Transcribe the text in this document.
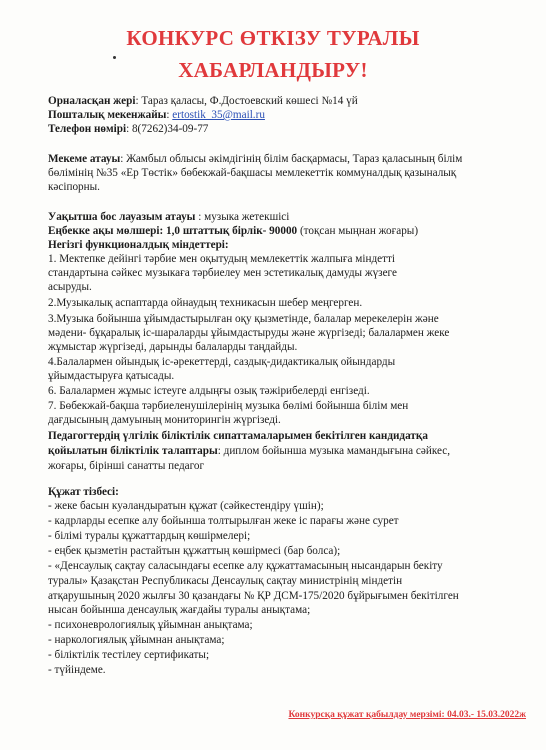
КОНКУРС ӨТКІЗУ ТУРАЛЫ
ХАБАРЛАНДЫРУ!
Орналасқан жері: Тараз қаласы, Ф.Достоевский көшесі №14 үй
Пошталық мекенжайы: ertostik_35@mail.ru
Телефон нөмірі: 8(7262)34-09-77
Мекеме атауы: Жамбыл облысы әкімдігінің білім басқармасы, Тараз қаласының білім
бөлімінің №35 «Ер Төстік» бөбекжай-бақшасы мемлекеттік коммуналдық қазыналық
кәсіпорны.
Уақытша бос лауазым атауы : музыка жетекшісі
Еңбекке ақы мөлшері: 1,0 штаттық бірлік- 90000 (тоқсан мыңнан жоғары)
Негізгі функционалдық міндеттері:
1. Мектепке дейінгі тәрбие мен оқытудың мемлекеттік жалпыға міндетті
стандартына сәйкес музыкаға тәрбиелеу мен эстетикалық дамуды жүзеге
асыруды.
2.Музыкалық аспаптарда ойнаудың техникасын шебер меңгерген.
3.Музыка бойынша ұйымдастырылған оқу қызметінде, балалар мерекелерін және
мәдени- бұқаралық іс-шараларды ұйымдастыруды және жүргізеді; балалармен жеке
жұмыстар жүргізеді, дарынды балаларды таңдайды.
4.Балалармен ойындық іс-әрекеттерді, саздық-дидактикалық ойындарды
ұйымдастыруға қатысады.
6. Балалармен жұмыс істеуге алдыңғы озық тәжірибелерді енгізеді.
7. Бөбекжай-бақша тәрбиеленушілерінің музыка бөлімі бойынша білім мен
дағдысының дамуының мониторингін жүргізеді.
Педагогтердің үлгілік біліктілік сипаттамаларымен бекітілген кандидатқа
қойылатын біліктілік талаптары: диплом бойынша музыка мамандығына сәйкес,
жоғары, бірінші санатты педагог
Құжат тізбесі:
- жеке басын куәландыратын құжат (сәйкестендіру үшін);
- кадрларды есепке алу бойынша толтырылған жеке іс парағы және сурет
- білімі туралы құжаттардың көшірмелері;
- еңбек қызметін растайтын құжаттың көшірмесі (бар болса);
- «Денсаулық сақтау саласындағы есепке алу құжаттамасының нысандарын бекіту
туралы» Қазақстан Республикасы Денсаулық сақтау министрінің міндетін
атқарушының 2020 жылғы 30 қазандағы № ҚР ДСМ-175/2020 бұйрығымен бекітілген
нысан бойынша денсаулық жағдайы туралы анықтама;
- психоневрологиялық ұйымнан анықтама;
- наркологиялық ұйымнан анықтама;
- біліктілік тестілеу сертификаты;
- түйіндеме.
Конкурсқа құжат қабылдау мерзімі: 04.03.- 15.03.2022ж
